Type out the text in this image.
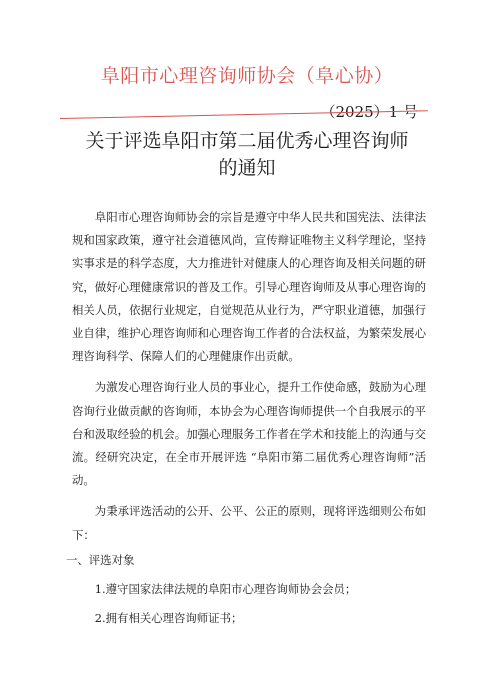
阜阳市心理咨询师协会（阜心协）
（2025）1 号
关于评选阜阳市第二届优秀心理咨询师
的通知

阜阳市心理咨询师协会的宗旨是遵守中华人民共和国宪法、法律法规和国家政策，遵守社会道德风尚，宣传辩证唯物主义科学理论，坚持实事求是的科学态度，大力推进针对健康人的心理咨询及相关问题的研究，做好心理健康常识的普及工作。引导心理咨询师及从事心理咨询的相关人员，依据行业规定，自觉规范从业行为，严守职业道德，加强行业自律，维护心理咨询师和心理咨询工作者的合法权益，为繁荣发展心理咨询科学、保障人们的心理健康作出贡献。

为激发心理咨询行业人员的事业心，提升工作使命感，鼓励为心理咨询行业做贡献的咨询师，本协会为心理咨询师提供一个自我展示的平台和汲取经验的机会。加强心理服务工作者在学术和技能上的沟通与交流。经研究决定，在全市开展评选 “阜阳市第二届优秀心理咨询师”活动。

为秉承评选活动的公开、公平、公正的原则，现将评选细则公布如下：

一、评选对象

1.遵守国家法律法规的阜阳市心理咨询师协会会员；

2.拥有相关心理咨询师证书；
